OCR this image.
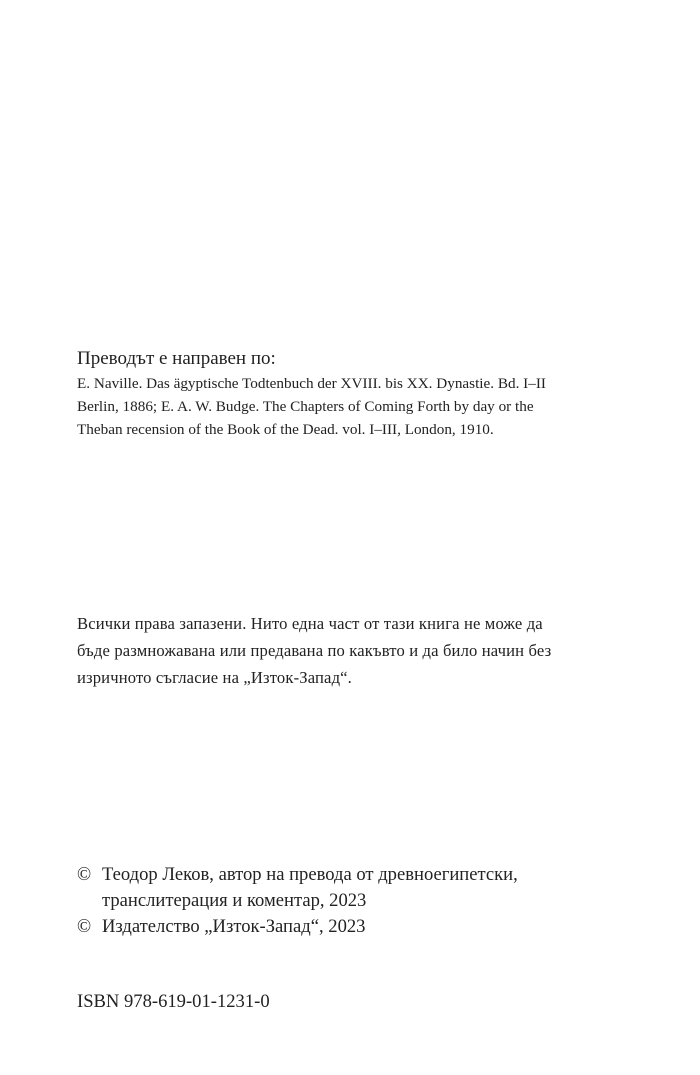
Преводът е направен по:

E. Naville. Das ägyptische Todtenbuch der XVIII. bis XX. Dynastie. Bd. I–II

Berlin, 1886; E. A. W. Budge. The Chapters of Coming Forth by day or the

Theban recension of the Book of the Dead. vol. I–III, London, 1910.

Всички права запазени. Нито една част от тази книга не може да

бъде размножавана или предавана по какъвто и да било начин без

изричното съгласие на „Изток-Запад“.

© Теодор Леков, автор на превода от древноегипетски,
транслитерация и коментар, 2023
© Издателство „Изток-Запад“, 2023

ISBN 978-619-01-1231-0
